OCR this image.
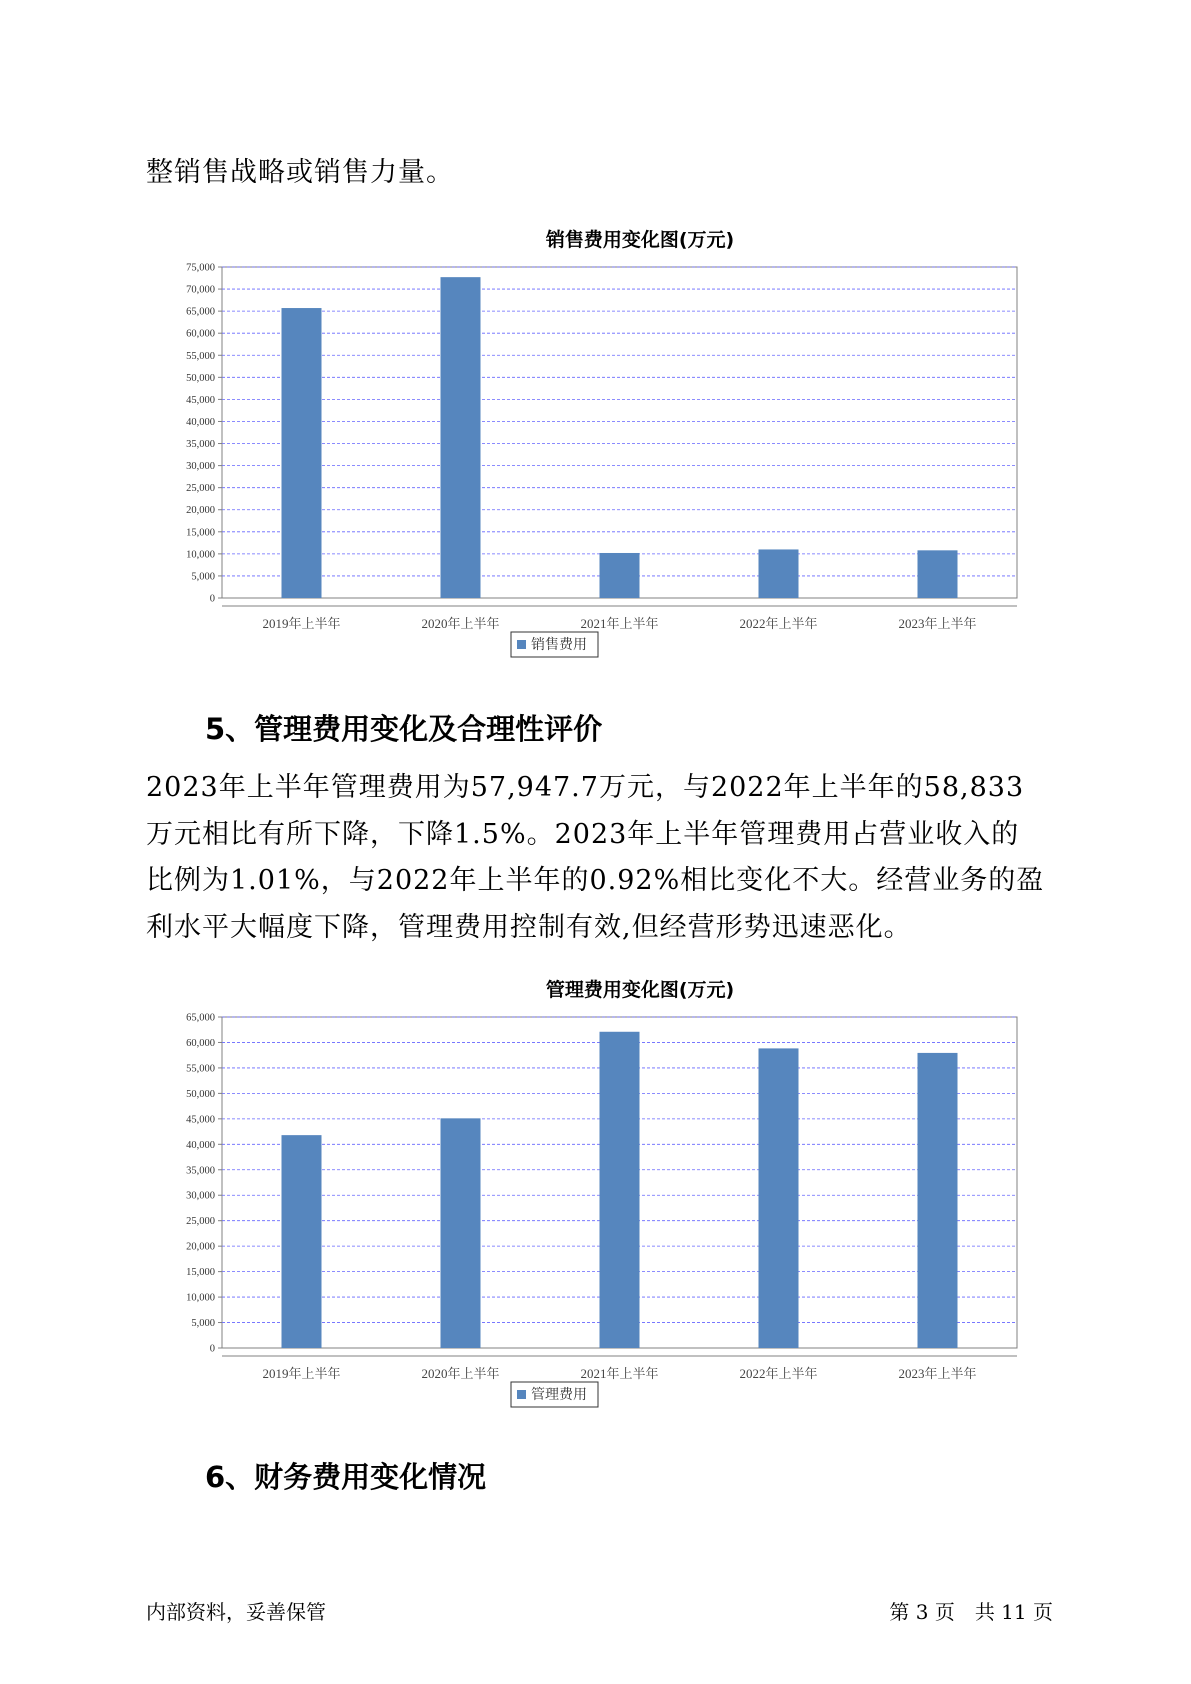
整销售战略或销售力量。

销售费用变化图(万元)

0
5,000
10,000
15,000
20,000
25,000
30,000
35,000
40,000
45,000
50,000
55,000
60,000
65,000
70,000
75,000
2019年上半年	2020年上半年	2021年上半年	2022年上半年	2023年上半年
销售费用
5、管理费用变化及合理性评价

2023年上半年管理费用为57,947.7万元，与2022年上半年的58,833万元相比有所下降，下降1.5%。2023年上半年管理费用占营业收入的比例为1.01%，与2022年上半年的0.92%相比变化不大。经营业务的盈利水平大幅度下降，管理费用控制有效,但经营形势迅速恶化。

管理费用变化图(万元)

0
5,000
10,000
15,000
20,000
25,000
30,000
35,000
40,000
45,000
50,000
55,000
60,000
65,000
2019年上半年	2020年上半年	2021年上半年	2022年上半年	2023年上半年
管理费用
6、财务费用变化情况
内部资料，妥善保管	第 3 页　共 11 页
